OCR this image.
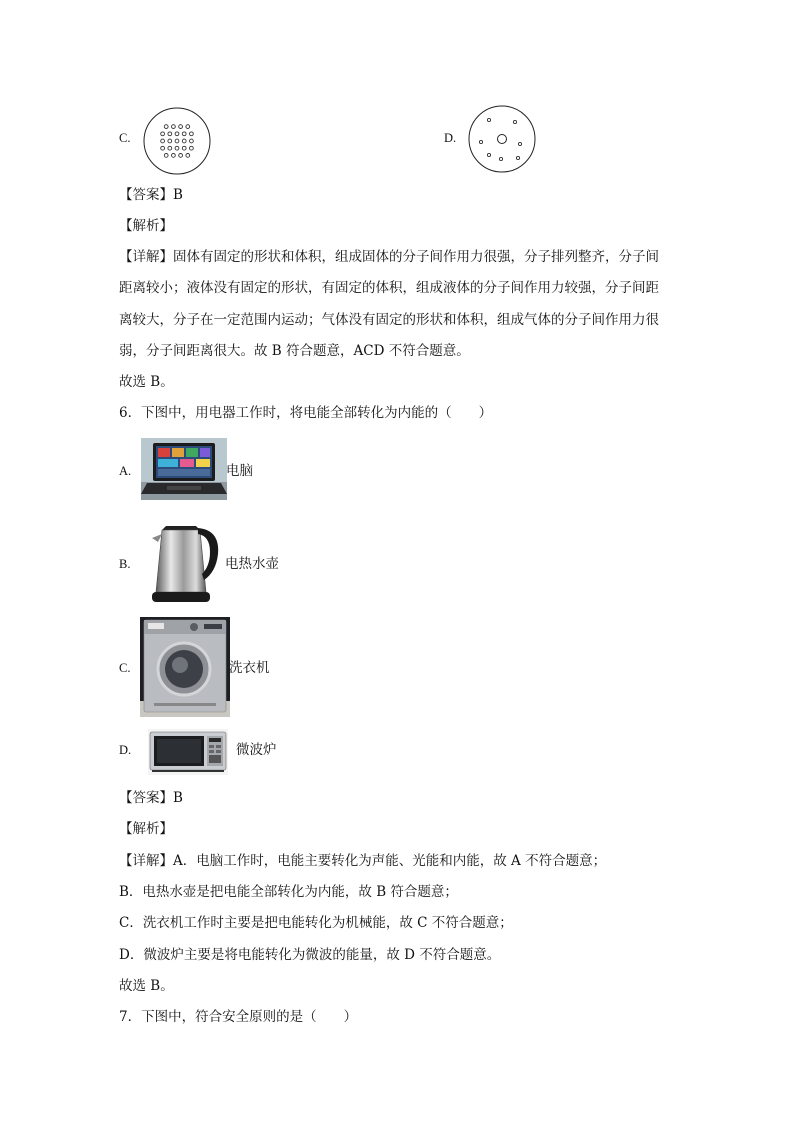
C.	D.
【答案】B
【解析】
【详解】固体有固定的形状和体积，组成固体的分子间作用力很强，分子排列整齐，分子间
距离较小；液体没有固定的形状，有固定的体积，组成液体的分子间作用力较强，分子间距
离较大，分子在一定范围内运动；气体没有固定的形状和体积，组成气体的分子间作用力很
弱，分子间距离很大。故 B 符合题意，ACD 不符合题意。
故选 B。
6．下图中，用电器工作时，将电能全部转化为内能的（　　）
A.	电脑
B.	电热水壶
C.	洗衣机
D.	微波炉
【答案】B
【解析】
【详解】A．电脑工作时，电能主要转化为声能、光能和内能，故 A 不符合题意；
B．电热水壶是把电能全部转化为内能，故 B 符合题意；
C．洗衣机工作时主要是把电能转化为机械能，故 C 不符合题意；
D．微波炉主要是将电能转化为微波的能量，故 D 不符合题意。
故选 B。
7．下图中，符合安全原则的是（　　）
